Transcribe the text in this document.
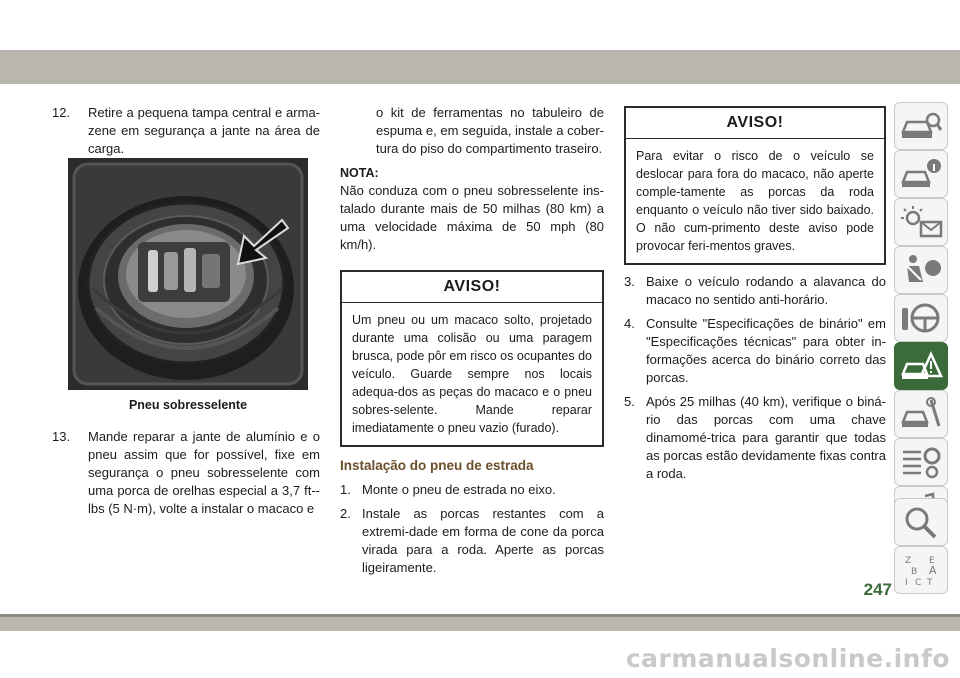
12.	Retire a pequena tampa central e arma-zene em segurança a jante na área de carga.
Pneu sobresselente
13.	Mande reparar a jante de alumínio e o pneu assim que for possível, fixe em segurança o pneu sobresselente com uma porca de orelhas especial a 3,7 ft--lbs (5 N·m), volte a instalar o macaco e
o kit de ferramentas no tabuleiro de espuma e, em seguida, instale a cober-tura do piso do compartimento traseiro.
NOTA:
Não conduza com o pneu sobresselente ins-talado durante mais de 50 milhas (80 km) a uma velocidade máxima de 50 mph (80 km/h).
AVISO!
Um pneu ou um macaco solto, projetado durante uma colisão ou uma paragem brusca, pode pôr em risco os ocupantes do veículo. Guarde sempre nos locais adequa-dos as peças do macaco e o pneu sobres-selente. Mande reparar imediatamente o pneu vazio (furado).
Instalação do pneu de estrada
1. Monte o pneu de estrada no eixo.
2. Instale as porcas restantes com a extremi-dade em forma de cone da porca virada para a roda. Aperte as porcas ligeiramente.
AVISO!
Para evitar o risco de o veículo se deslocar para fora do macaco, não aperte comple-tamente as porcas da roda enquanto o veículo não tiver sido baixado. O não cum-primento deste aviso pode provocar feri-mentos graves.
3. Baixe o veículo rodando a alavanca do macaco no sentido anti-horário.
4. Consulte "Especificações de binário" em "Especificações técnicas" para obter in-formações acerca do binário correto das porcas.
5. Após 25 milhas (40 km), verifique o biná-rio das porcas com uma chave dinamomé-trica para garantir que todas as porcas estão devidamente fixas contra a roda.
Z E
B A
I C T
247
carmanualsonline.info
